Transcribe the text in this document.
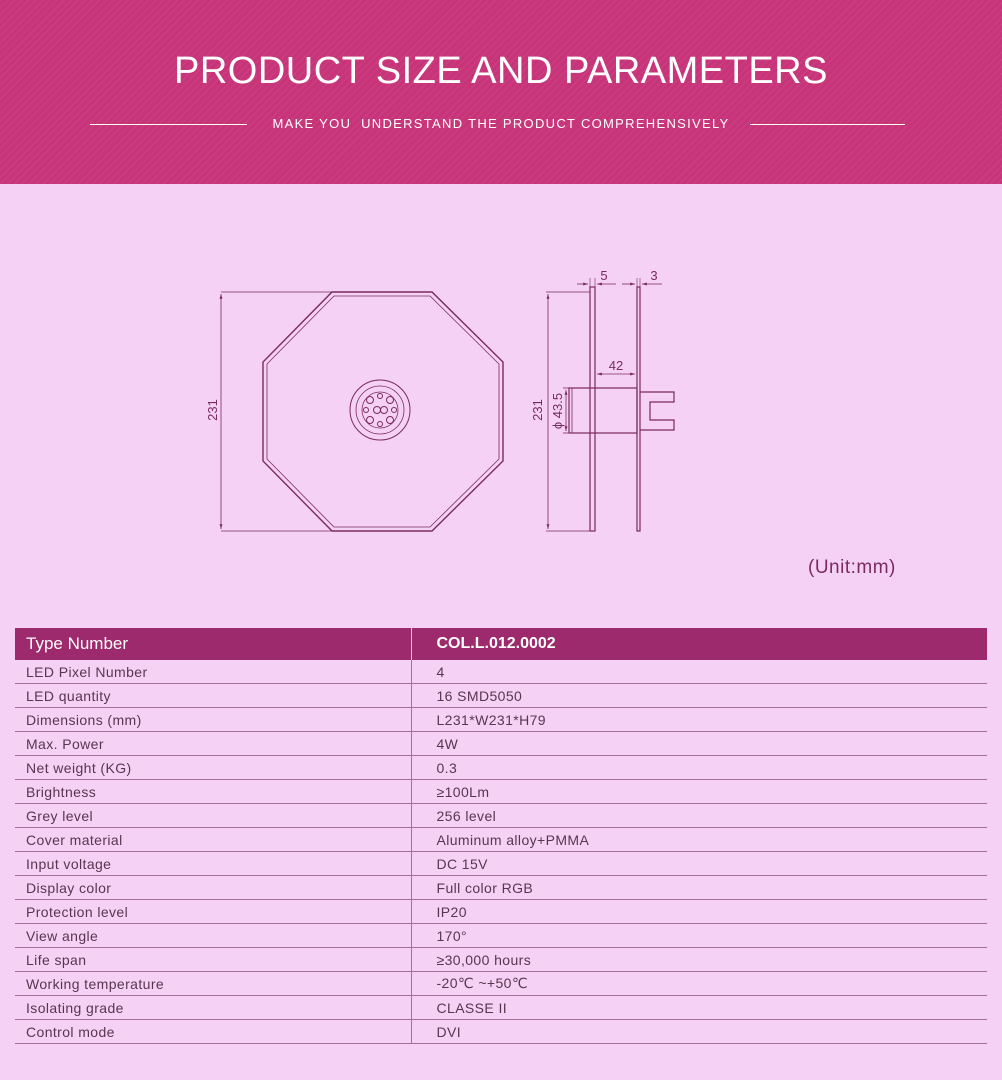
PRODUCT SIZE AND PARAMETERS
MAKE YOU  UNDERSTAND THE PRODUCT COMPREHENSIVELY
231	231 ϕ 43.5
42
5	3
(Unit:mm)
Type Number	COL.L.012.0002
LED Pixel Number	4
LED quantity	16 SMD5050
Dimensions (mm)	L231*W231*H79
Max. Power	4W
Net weight (KG)	0.3
Brightness	≥100Lm
Grey level	256 level
Cover material	Aluminum alloy+PMMA
Input voltage	DC 15V
Display color	Full color RGB
Protection level	IP20
View angle	170°
Life span	≥30,000 hours
Working temperature	-20℃ ~+50℃
Isolating grade	CLASSE II
Control mode	DVI
